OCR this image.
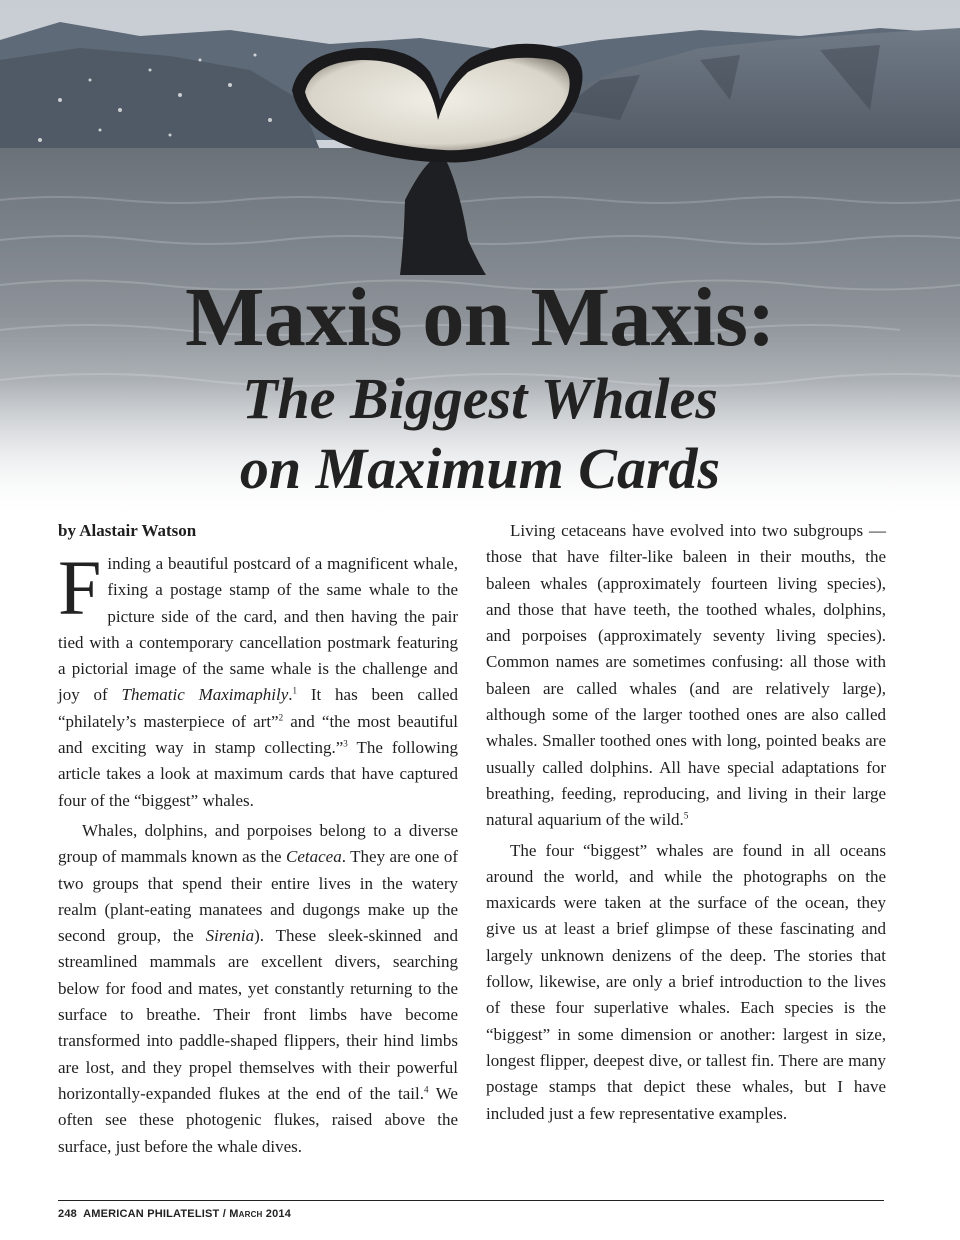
Maxis on Maxis:
The Biggest Whales
on Maximum Cards
by Alastair Watson

Finding a beautiful postcard of a magnificent whale, fixing a postage stamp of the same whale to the picture side of the card, and then having the pair tied with a contemporary cancellation postmark featuring a pictorial image of the same whale is the challenge and joy of Thematic Maximaphily.$^1$ It has been called “philately’s masterpiece of art”$^2$ and “the most beautiful and exciting way in stamp collecting.”$^3$ The following article takes a look at maximum cards that have captured four of the “biggest” whales.

Whales, dolphins, and porpoises belong to a diverse group of mammals known as the Cetacea. They are one of two groups that spend their entire lives in the watery realm (plant-eating manatees and dugongs make up the second group, the Sirenia). These sleek-skinned and streamlined mammals are excellent divers, searching below for food and mates, yet constantly returning to the surface to breathe. Their front limbs have become transformed into paddle-shaped flippers, their hind limbs are lost, and they propel themselves with their powerful horizontally-expanded flukes at the end of the tail.$^4$ We often see these photogenic flukes, raised above the surface, just before the whale dives.

Living cetaceans have evolved into two subgroups — those that have filter-like baleen in their mouths, the baleen whales (approximately fourteen living species), and those that have teeth, the toothed whales, dolphins, and porpoises (approximately seventy living species). Common names are sometimes confusing: all those with baleen are called whales (and are relatively large), although some of the larger toothed ones are also called whales. Smaller toothed ones with long, pointed beaks are usually called dolphins. All have special adaptations for breathing, feeding, reproducing, and living in their large natural aquarium of the wild.$^5$

The four “biggest” whales are found in all oceans around the world, and while the photographs on the maxicards were taken at the surface of the ocean, they give us at least a brief glimpse of these fascinating and largely unknown denizens of the deep. The stories that follow, likewise, are only a brief introduction to the lives of these four superlative whales. Each species is the “biggest” in some dimension or another: largest in size, longest flipper, deepest dive, or tallest fin. There are many postage stamps that depict these whales, but I have included just a few representative examples.

248 AMERICAN PHILATELIST / March 2014
